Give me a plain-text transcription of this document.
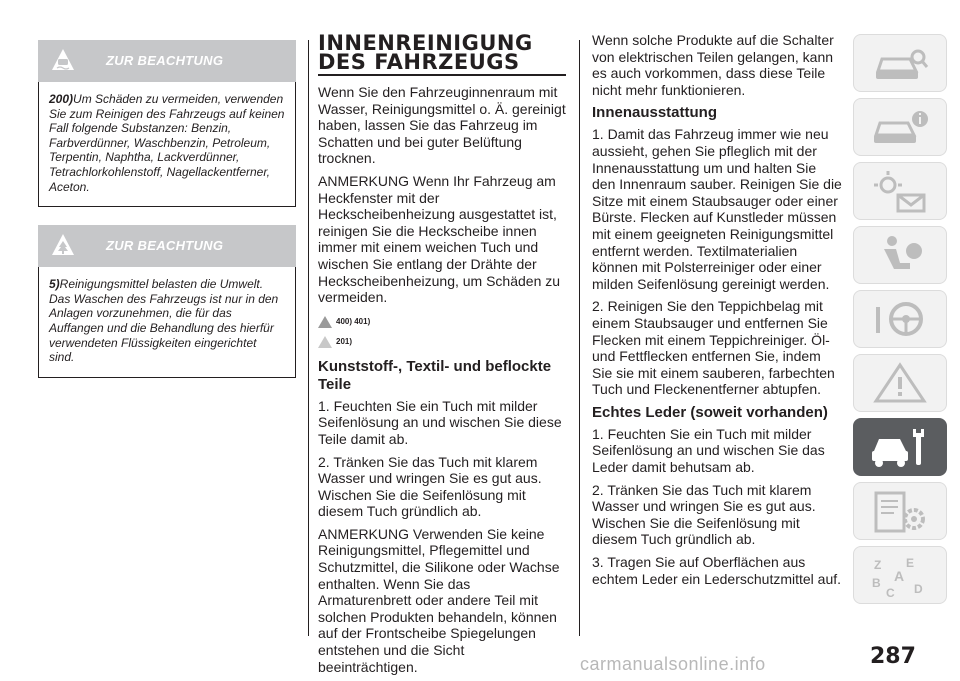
ZUR BEACHTUNG
200)Um Schäden zu vermeiden, verwenden Sie zum Reinigen des Fahrzeugs auf keinen Fall folgende Substanzen: Benzin, Farbverdünner, Waschbenzin, Petroleum, Terpentin, Naphtha, Lackverdünner, Tetrachlorkohlenstoff, Nagellackentferner, Aceton.
ZUR BEACHTUNG
5)Reinigungsmittel belasten die Umwelt. Das Waschen des Fahrzeugs ist nur in den Anlagen vorzunehmen, die für das Auffangen und die Behandlung des hierfür verwendeten Flüssigkeiten eingerichtet sind.
INNENREINIGUNG
DES FAHRZEUGS

Wenn Sie den Fahrzeuginnenraum mit Wasser, Reinigungsmittel o. Ä. gereinigt haben, lassen Sie das Fahrzeug im Schatten und bei guter Belüftung trocknen.

ANMERKUNG Wenn Ihr Fahrzeug am Heckfenster mit der Heckscheibenheizung ausgestattet ist, reinigen Sie die Heckscheibe innen immer mit einem weichen Tuch und wischen Sie entlang der Drähte der Heckscheibenheizung, um Schäden zu vermeiden.

400) 401)
201)
Kunststoff-, Textil- und beflockte Teile

1. Feuchten Sie ein Tuch mit milder Seifenlösung an und wischen Sie diese Teile damit ab.

2. Tränken Sie das Tuch mit klarem Wasser und wringen Sie es gut aus. Wischen Sie die Seifenlösung mit diesem Tuch gründlich ab.

ANMERKUNG Verwenden Sie keine Reinigungsmittel, Pflegemittel und Schutzmittel, die Silikone oder Wachse enthalten. Wenn Sie das Armaturenbrett oder andere Teil mit solchen Produkten behandeln, können auf der Frontscheibe Spiegelungen entstehen und die Sicht beeinträchtigen.

Wenn solche Produkte auf die Schalter von elektrischen Teilen gelangen, kann es auch vorkommen, dass diese Teile nicht mehr funktionieren.

Innenausstattung

1. Damit das Fahrzeug immer wie neu aussieht, gehen Sie pfleglich mit der Innenausstattung um und halten Sie den Innenraum sauber. Reinigen Sie die Sitze mit einem Staubsauger oder einer Bürste. Flecken auf Kunstleder müssen mit einem geeigneten Reinigungsmittel entfernt werden. Textilmaterialien können mit Polsterreiniger oder einer milden Seifenlösung gereinigt werden.

2. Reinigen Sie den Teppichbelag mit einem Staubsauger und entfernen Sie Flecken mit einem Teppichreiniger. Öl- und Fettflecken entfernen Sie, indem Sie sie mit einem sauberen, farbechten Tuch und Fleckenentferner abtupfen.

Echtes Leder (soweit vorhanden)

1. Feuchten Sie ein Tuch mit milder Seifenlösung an und wischen Sie das Leder damit behutsam ab.

2. Tränken Sie das Tuch mit klarem Wasser und wringen Sie es gut aus. Wischen Sie die Seifenlösung mit diesem Tuch gründlich ab.

3. Tragen Sie auf Oberflächen aus echtem Leder ein Lederschutzmittel auf.

Z E
A
B
C D
287
carmanualsonline.info
